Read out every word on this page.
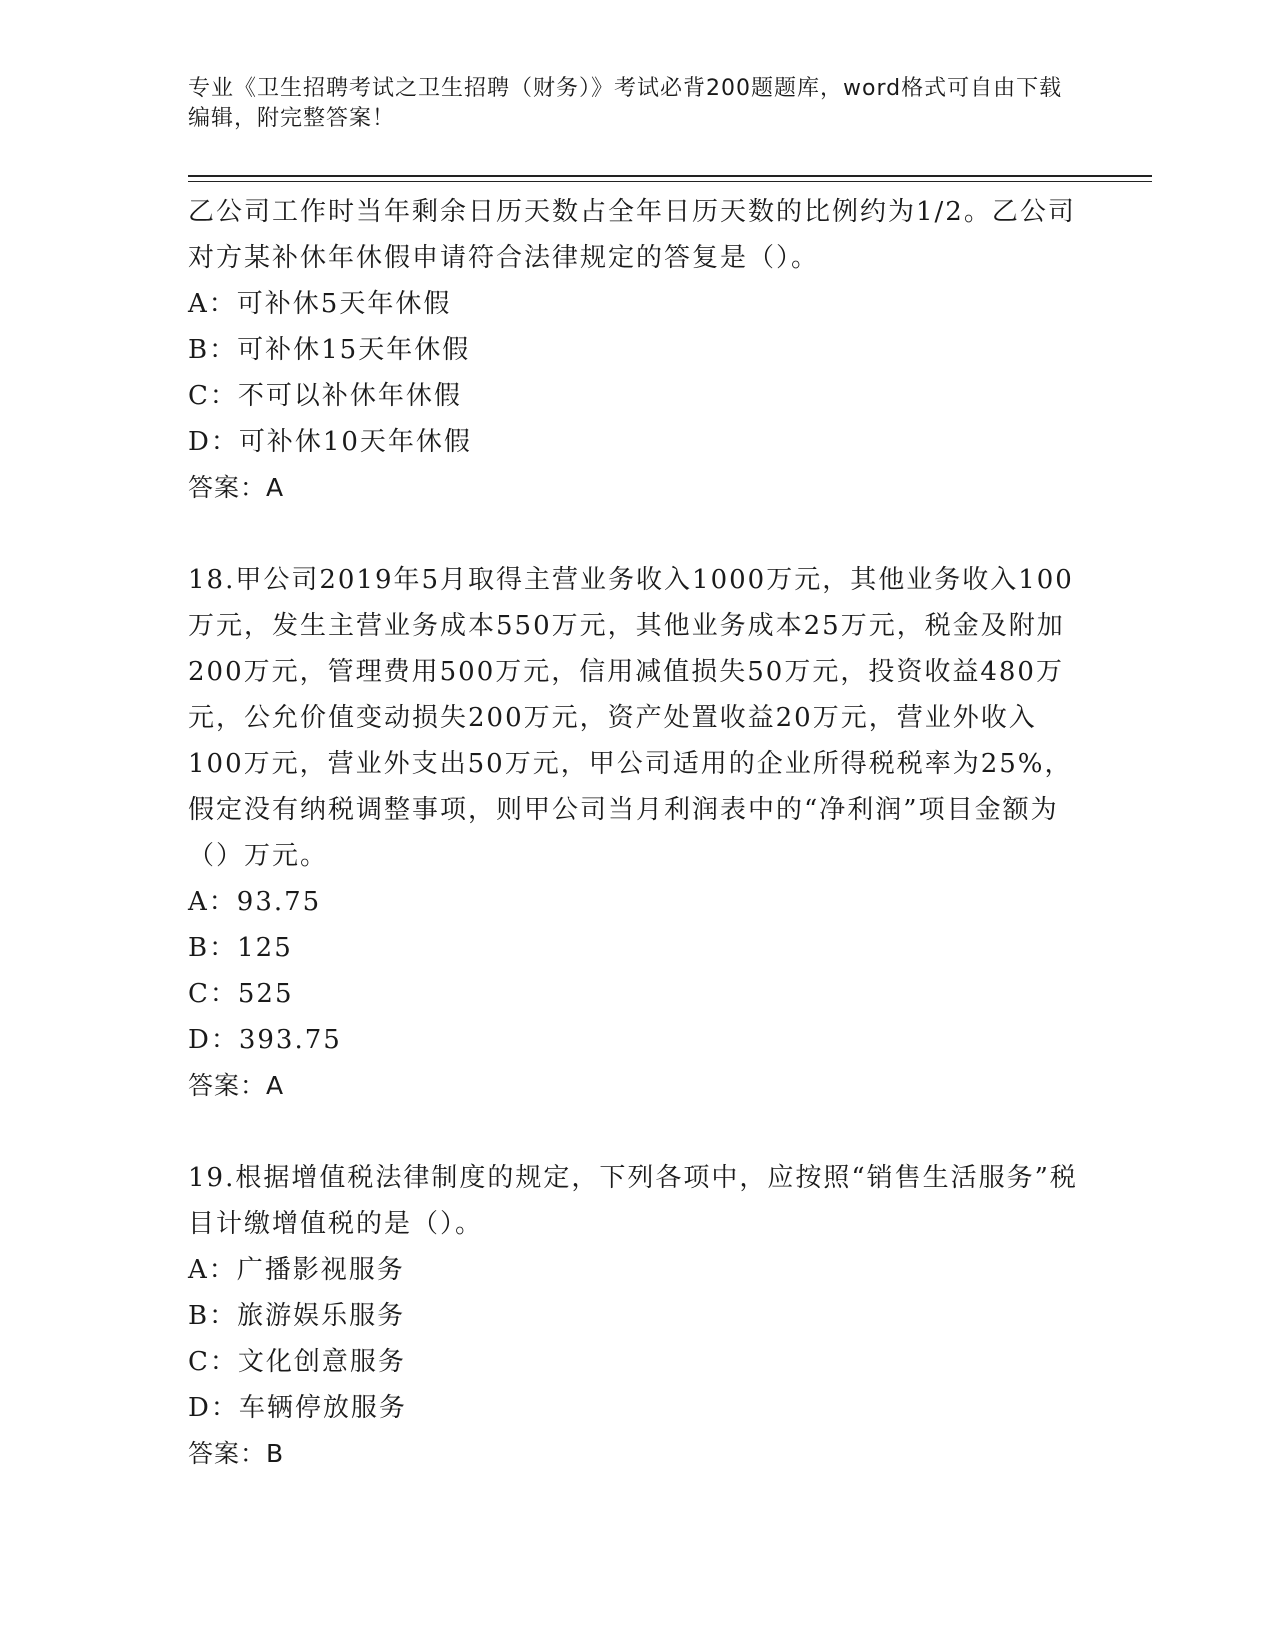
专业《卫生招聘考试之卫生招聘（财务）》考试必背200题题库，word格式可自由下载编辑，附完整答案！

乙公司工作时当年剩余日历天数占全年日历天数的比例约为1/2。乙公司对方某补休年休假申请符合法律规定的答复是（）。

A：可补休5天年休假

B：可补休15天年休假

C：不可以补休年休假

D：可补休10天年休假

答案：A

18.甲公司2019年5月取得主营业务收入1000万元，其他业务收入100万元，发生主营业务成本550万元，其他业务成本25万元，税金及附加200万元，管理费用500万元，信用减值损失50万元，投资收益480万元，公允价值变动损失200万元，资产处置收益20万元，营业外收入100万元，营业外支出50万元，甲公司适用的企业所得税税率为25%，假定没有纳税调整事项，则甲公司当月利润表中的“净利润”项目金额为（）万元。

A：93.75

B：125

C：525

D：393.75

答案：A

19.根据增值税法律制度的规定，下列各项中，应按照“销售生活服务”税目计缴增值税的是（）。

A：广播影视服务

B：旅游娱乐服务

C：文化创意服务

D：车辆停放服务

答案：B
